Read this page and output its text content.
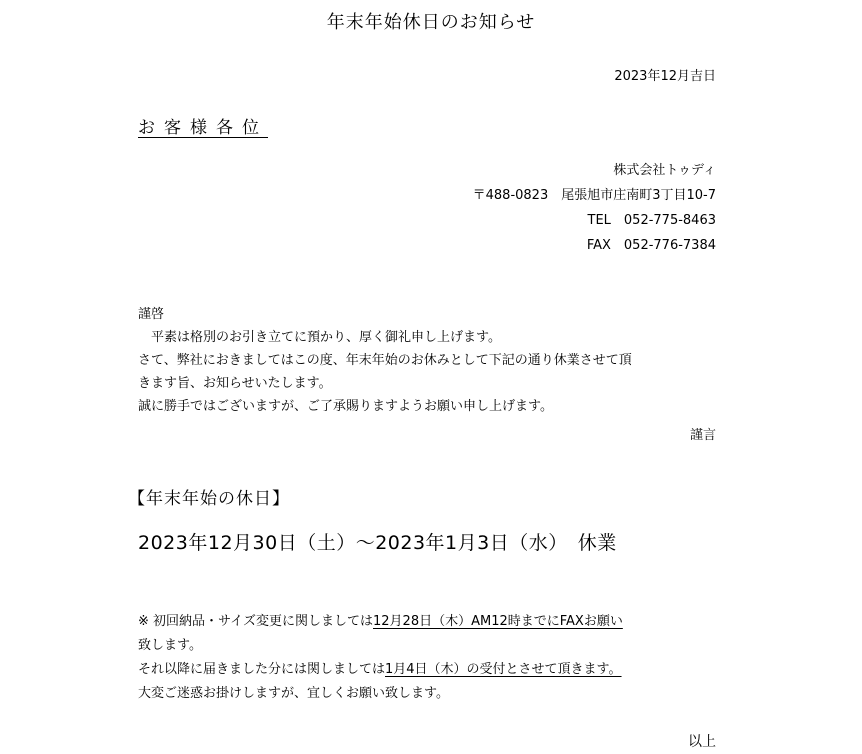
年末年始休日のお知らせ
2023年12月吉日
お客様各位
株式会社トゥディ
〒488-0823　尾張旭市庄南町3丁目10-7
TEL　052-775-8463
FAX　052-776-7384
謹啓
　平素は格別のお引き立てに預かり、厚く御礼申し上げます。
さて、弊社におきましてはこの度、年末年始のお休みとして下記の通り休業させて頂
きます旨、お知らせいたします。
誠に勝手ではございますが、ご了承賜りますようお願い申し上げます。
謹言
【年末年始の休日】
2023年12月30日（土）～2023年1月3日（水）　休業
※ 初回納品・サイズ変更に関しましては12月28日（木）AM12時までにFAXお願い
致します。
それ以降に届きました分には関しましては1月4日（木）の受付とさせて頂きます。
大変ご迷惑お掛けしますが、宜しくお願い致します。
以上
